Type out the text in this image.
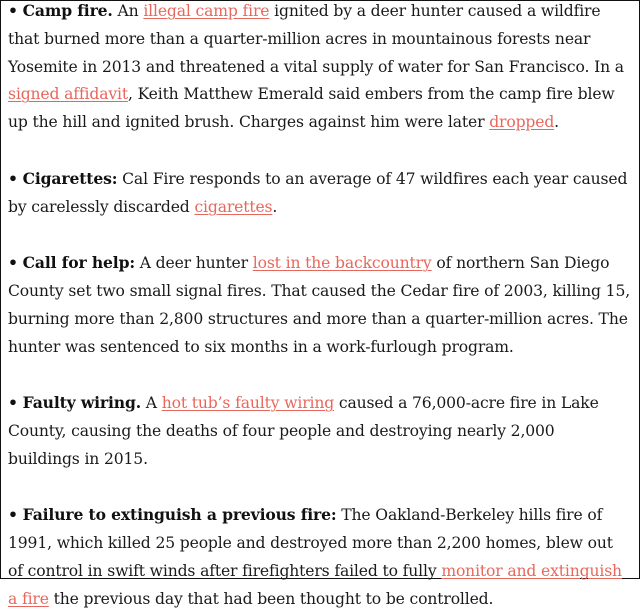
• Camp fire. An illegal camp fire ignited by a deer hunter caused a wildfire that burned more than a quarter-million acres in mountainous forests near Yosemite in 2013 and threatened a vital supply of water for San Francisco. In a signed affidavit, Keith Matthew Emerald said embers from the camp fire blew up the hill and ignited brush. Charges against him were later dropped.

• Cigarettes: Cal Fire responds to an average of 47 wildfires each year caused by carelessly discarded cigarettes.

• Call for help: A deer hunter lost in the backcountry of northern San Diego County set two small signal fires. That caused the Cedar fire of 2003, killing 15, burning more than 2,800 structures and more than a quarter-million acres. The hunter was sentenced to six months in a work-furlough program.

• Faulty wiring. A hot tub’s faulty wiring caused a 76,000-acre fire in Lake County, causing the deaths of four people and destroying nearly 2,000 buildings in 2015.

• Failure to extinguish a previous fire: The Oakland-Berkeley hills fire of 1991, which killed 25 people and destroyed more than 2,200 homes, blew out of control in swift winds after firefighters failed to fully monitor and extinguish a fire the previous day that had been thought to be controlled.
